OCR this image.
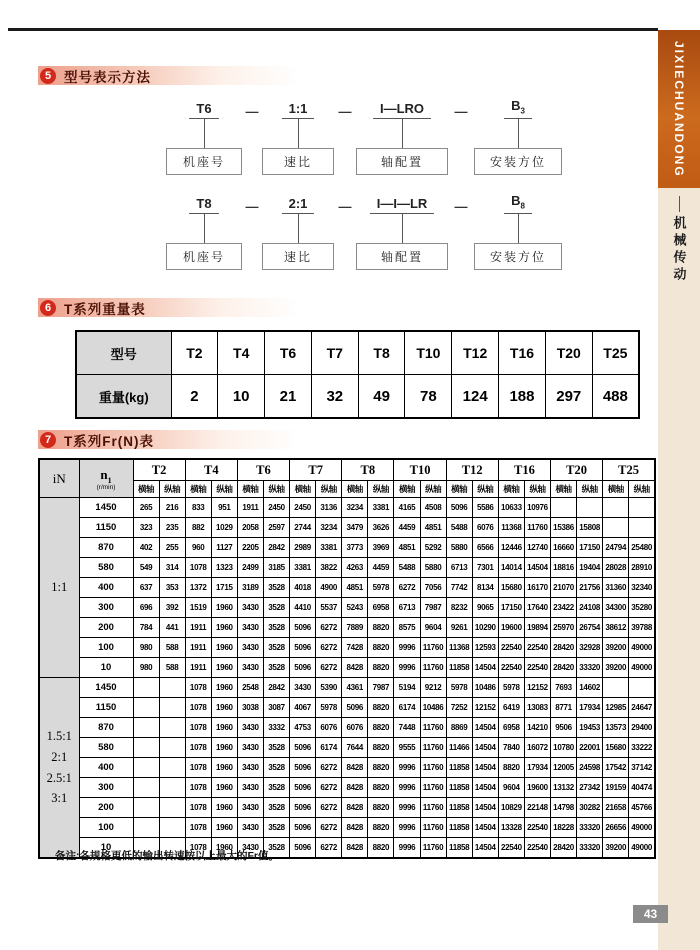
JIXIECHUANDONG
机械传动
43
5 型号表示方法
T6
机座号
—	1:1
速比
—	I—LRO
轴配置
—	$B_3$
安装方位
T8
机座号
—	2:1
速比
—	I—I—LR
轴配置
—	$B_8$
安装方位
6 T系列重量表
型号	T2	T4	T6	T7	T8	T10	T12	T16	T20	T25
重量(kg)	2	10	21	32	49	78	124	188	297	488
7 T系列Fr(N)表
iN	$n_1$
(r/min)	T2		T4		T6		T7		T8		T10		T12		T16		T20		T25	
		横轴	纵轴	横轴	纵轴	横轴	纵轴	横轴	纵轴	横轴	纵轴	横轴	纵轴	横轴	纵轴	横轴	纵轴	横轴	纵轴	横轴	纵轴

1:1	1450	265	216	833	951	1911	2450	2450	3136	3234	3381	4165	4508	5096	5586	10633	10976				
	1150	323	235	882	1029	2058	2597	2744	3234	3479	3626	4459	4851	5488	6076	11368	11760	15386	15808		
	870	402	255	960	1127	2205	2842	2989	3381	3773	3969	4851	5292	5880	6566	12446	12740	16660	17150	24794	25480
	580	549	314	1078	1323	2499	3185	3381	3822	4263	4459	5488	5880	6713	7301	14014	14504	18816	19404	28028	28910
	400	637	353	1372	1715	3189	3528	4018	4900	4851	5978	6272	7056	7742	8134	15680	16170	21070	21756	31360	32340
	300	696	392	1519	1960	3430	3528	4410	5537	5243	6958	6713	7987	8232	9065	17150	17640	23422	24108	34300	35280
	200	784	441	1911	1960	3430	3528	5096	6272	7889	8820	8575	9604	9261	10290	19600	19894	25970	26754	38612	39788
	100	980	588	1911	1960	3430	3528	5096	6272	7428	8820	9996	11760	11368	12593	22540	22540	28420	32928	39200	49000
	10	980	588	1911	1960	3430	3528	5096	6272	8428	8820	9996	11760	11858	14504	22540	22540	28420	33320	39200	49000

1.5:1
2:1
2.5:1
3:1	1450			1078	1960	2548	2842	3430	5390	4361	7987	5194	9212	5978	10486	5978	12152	7693	14602		
	1150			1078	1960	3038	3087	4067	5978	5096	8820	6174	10486	7252	12152	6419	13083	8771	17934	12985	24647
	870			1078	1960	3430	3332	4753	6076	6076	8820	7448	11760	8869	14504	6958	14210	9506	19453	13573	29400
	580			1078	1960	3430	3528	5096	6174	7644	8820	9555	11760	11466	14504	7840	16072	10780	22001	15680	33222
	400			1078	1960	3430	3528	5096	6272	8428	8820	9996	11760	11858	14504	8820	17934	12005	24598	17542	37142
	300			1078	1960	3430	3528	5096	6272	8428	8820	9996	11760	11858	14504	9604	19600	13132	27342	19159	40474
	200			1078	1960	3430	3528	5096	6272	8428	8820	9996	11760	11858	14504	10829	22148	14798	30282	21658	45766
	100			1078	1960	3430	3528	5096	6272	8428	8820	9996	11760	11858	14504	13328	22540	18228	33320	26656	49000
	10			1078	1960	3430	3528	5096	6272	8428	8820	9996	11760	11858	14504	22540	22540	28420	33320	39200	49000
备注:各规格更低的输出转速按以上最大的Fr值。
